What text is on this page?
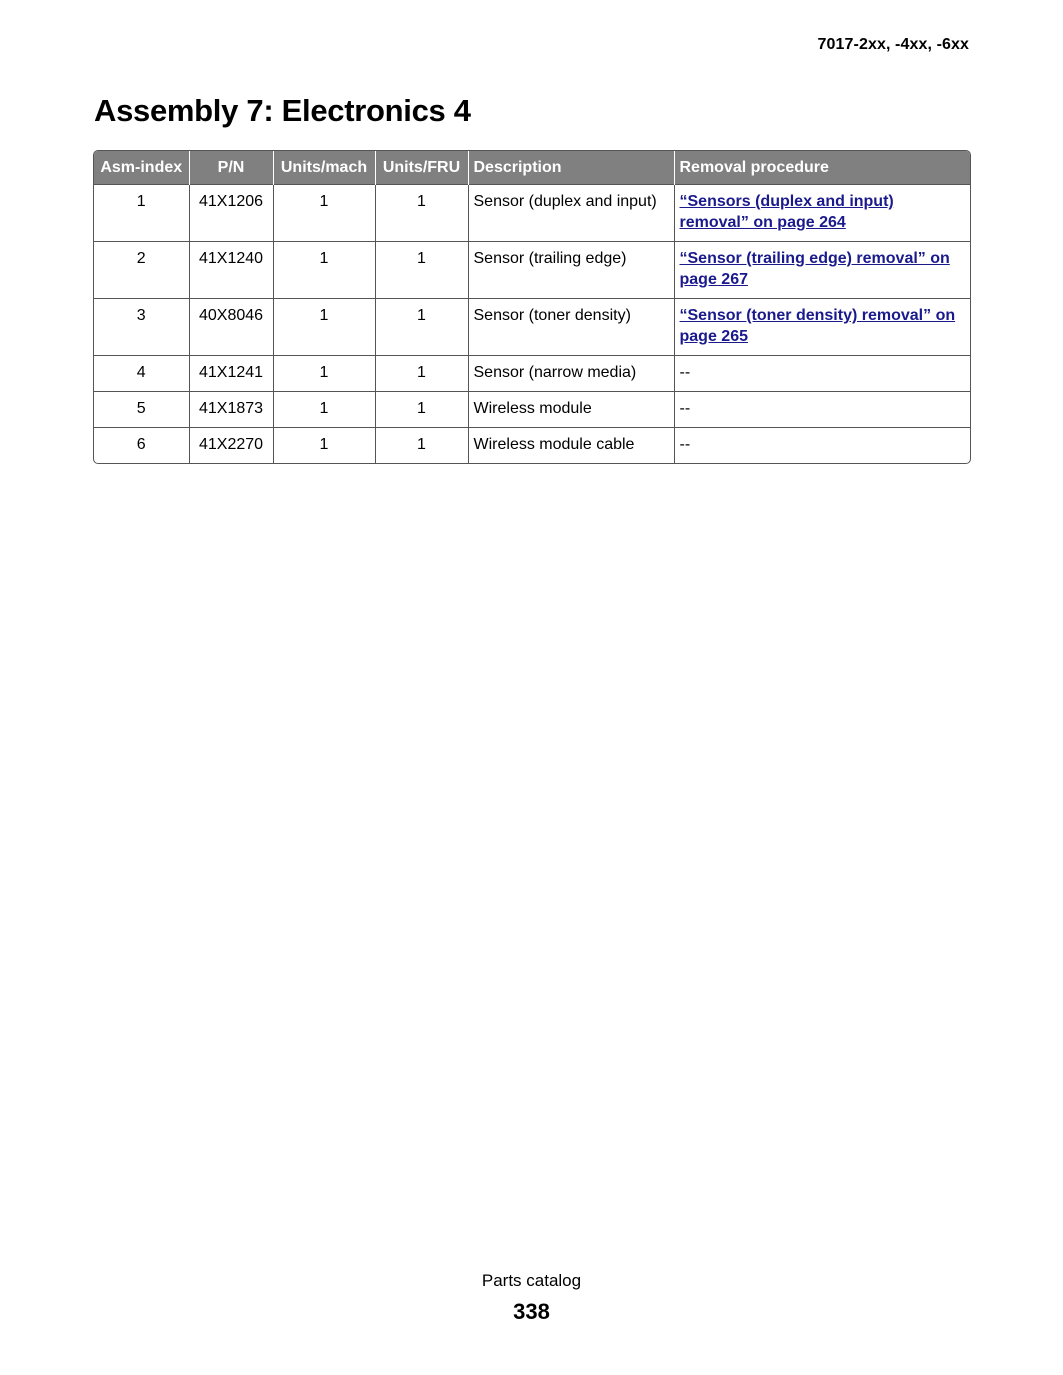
7017-2xx, -4xx, -6xx
Assembly 7: Electronics 4
Asm-index	P/N	Units/mach	Units/FRU	Description	Removal procedure
1	41X1206	1	1	Sensor (duplex and input)	“Sensors (duplex and input)
removal” on page 264
2	41X1240	1	1	Sensor (trailing edge)	“Sensor (trailing edge) removal” on
page 267
3	40X8046	1	1	Sensor (toner density)	“Sensor (toner density) removal” on
page 265
4	41X1241	1	1	Sensor (narrow media)	--
5	41X1873	1	1	Wireless module	--
6	41X2270	1	1	Wireless module cable	--
Parts catalog
338
